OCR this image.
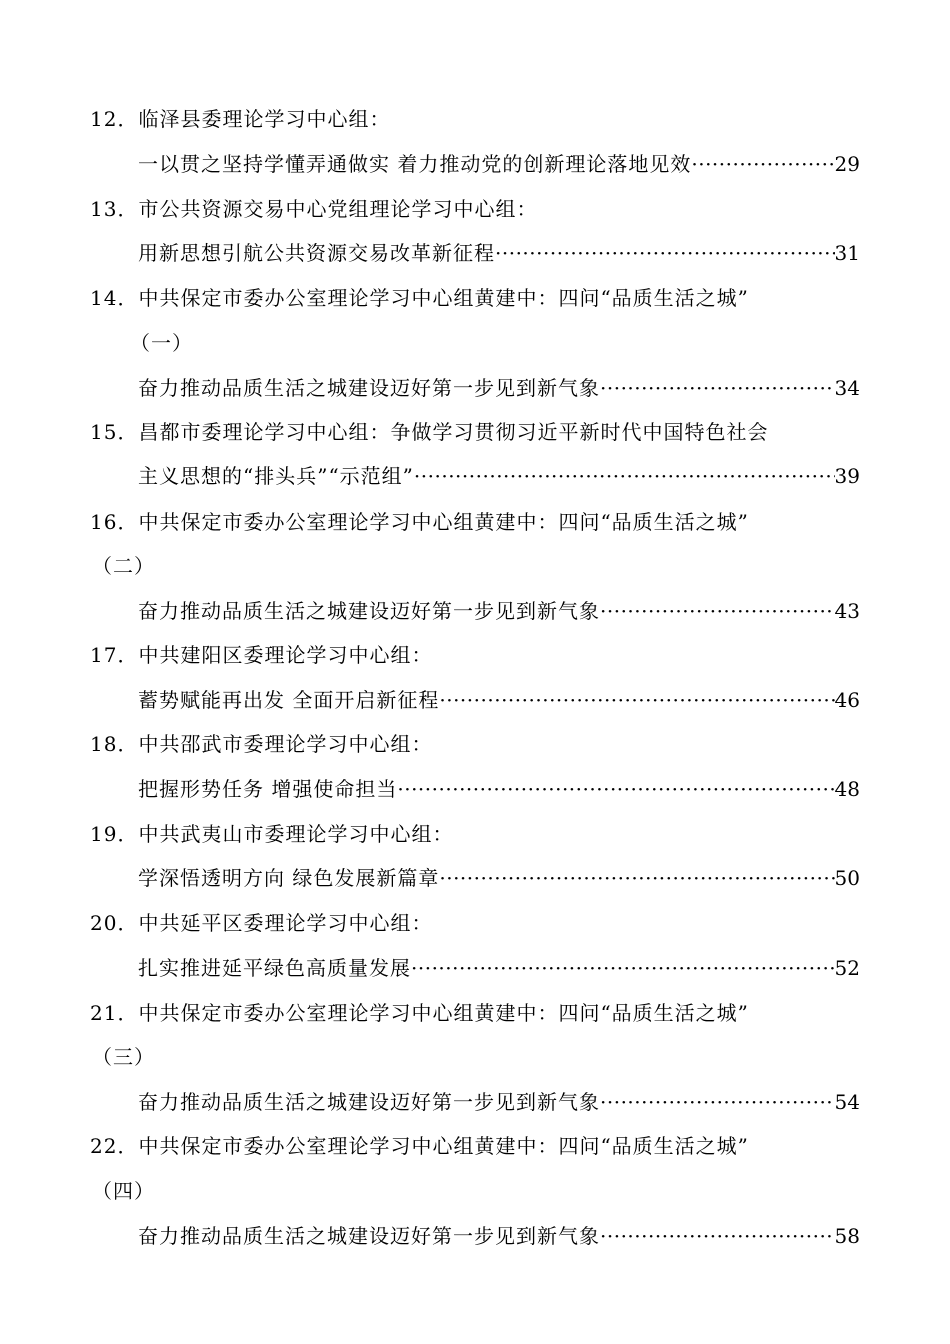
12．临泽县委理论学习中心组：
一以贯之坚持学懂弄通做实 着力推动党的创新理论落地见效 ·····	29
13．市公共资源交易中心党组理论学习中心组：
用新思想引航公共资源交易改革新征程 ·····	31
14．中共保定市委办公室理论学习中心组黄建中：四问“品质生活之城”
（一）
奋力推动品质生活之城建设迈好第一步见到新气象 ·····	34
15．昌都市委理论学习中心组：争做学习贯彻习近平新时代中国特色社会
主义思想的“排头兵”“示范组” ·····	39
16．中共保定市委办公室理论学习中心组黄建中：四问“品质生活之城”
（二）
奋力推动品质生活之城建设迈好第一步见到新气象 ·····	43
17．中共建阳区委理论学习中心组：
蓄势赋能再出发 全面开启新征程 ·····	46
18．中共邵武市委理论学习中心组：
把握形势任务 增强使命担当 ·····	48
19．中共武夷山市委理论学习中心组：
学深悟透明方向 绿色发展新篇章 ·····	50
20．中共延平区委理论学习中心组：
扎实推进延平绿色高质量发展 ·····	52
21．中共保定市委办公室理论学习中心组黄建中：四问“品质生活之城”
（三）
奋力推动品质生活之城建设迈好第一步见到新气象 ·····	54
22．中共保定市委办公室理论学习中心组黄建中：四问“品质生活之城”
（四）
奋力推动品质生活之城建设迈好第一步见到新气象 ·····	58
